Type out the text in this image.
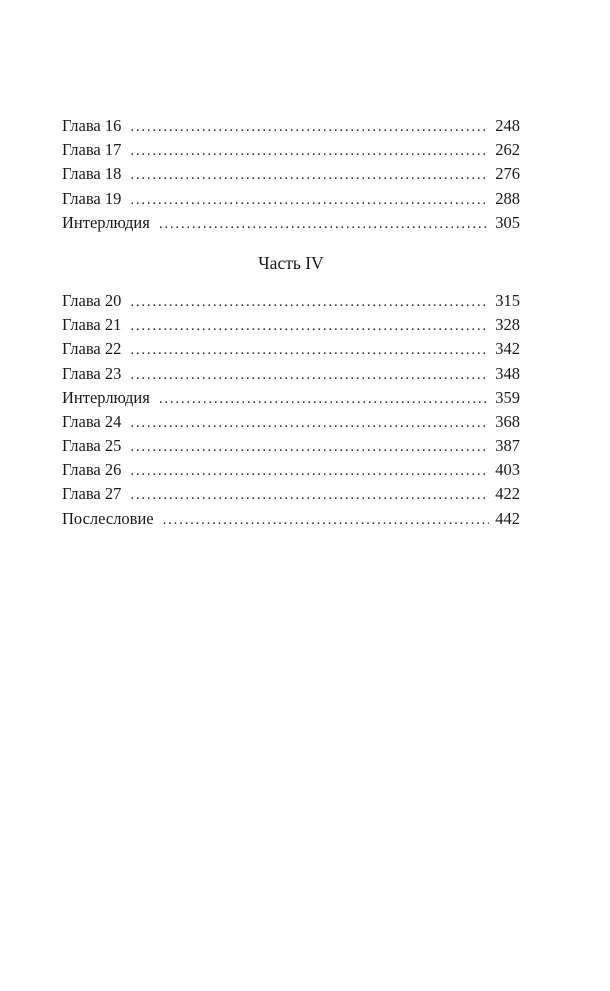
Глава 16 . . .	248
Глава 17 . . .	262
Глава 18 . . .	276
Глава 19 . . .	288
Интерлюдия . . .	305
Часть IV
Глава 20 . . .	315
Глава 21 . . .	328
Глава 22 . . .	342
Глава 23 . . .	348
Интерлюдия . . .	359
Глава 24 . . .	368
Глава 25 . . .	387
Глава 26 . . .	403
Глава 27 . . .	422
Послесловие . . .	442
